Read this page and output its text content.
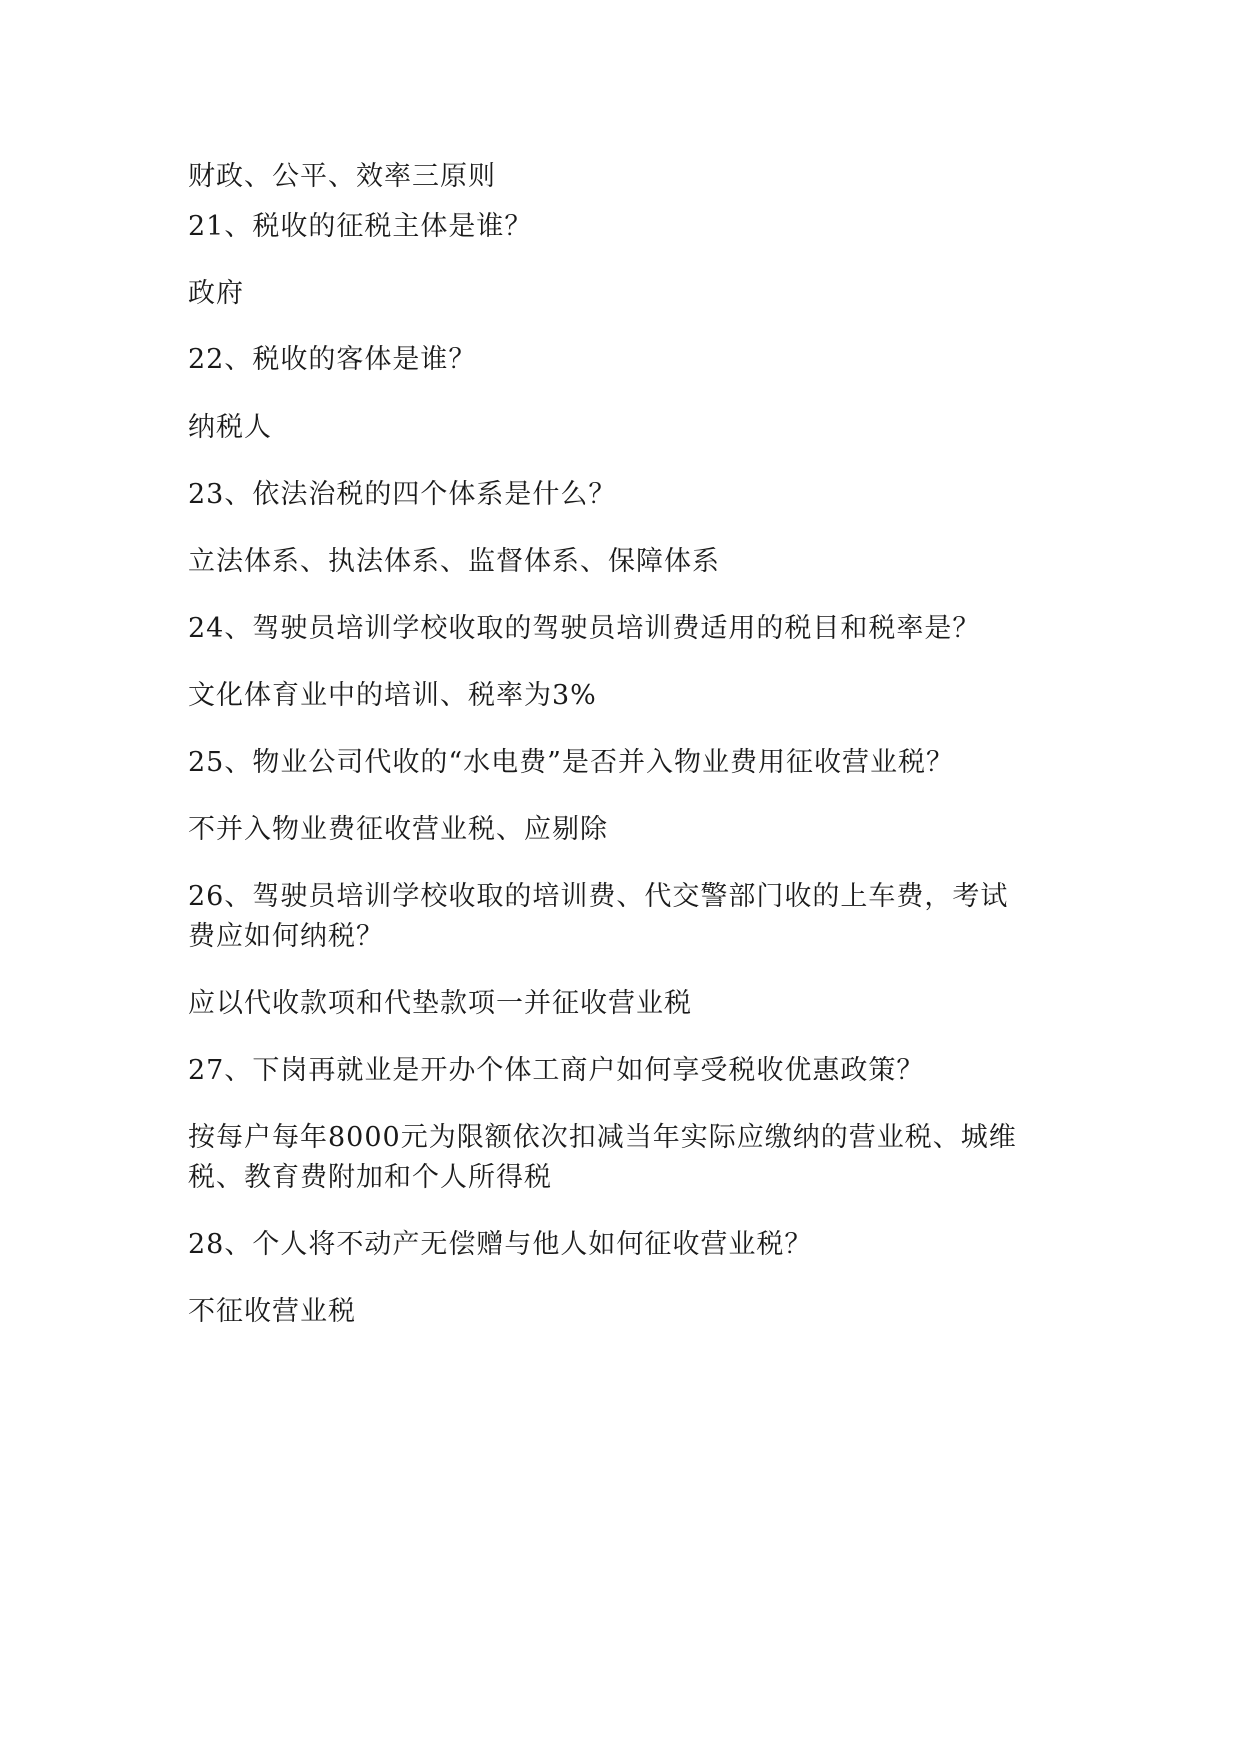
财政、公平、效率三原则
21、税收的征税主体是谁？
政府
22、税收的客体是谁？
纳税人
23、依法治税的四个体系是什么？
立法体系、执法体系、监督体系、保障体系
24、驾驶员培训学校收取的驾驶员培训费适用的税目和税率是？
文化体育业中的培训、税率为3%
25、物业公司代收的“水电费”是否并入物业费用征收营业税？
不并入物业费征收营业税、应剔除
26、驾驶员培训学校收取的培训费、代交警部门收的上车费，考试
费应如何纳税？
应以代收款项和代垫款项一并征收营业税
27、下岗再就业是开办个体工商户如何享受税收优惠政策？
按每户每年8000元为限额依次扣减当年实际应缴纳的营业税、城维
税、教育费附加和个人所得税
28、个人将不动产无偿赠与他人如何征收营业税？
不征收营业税
